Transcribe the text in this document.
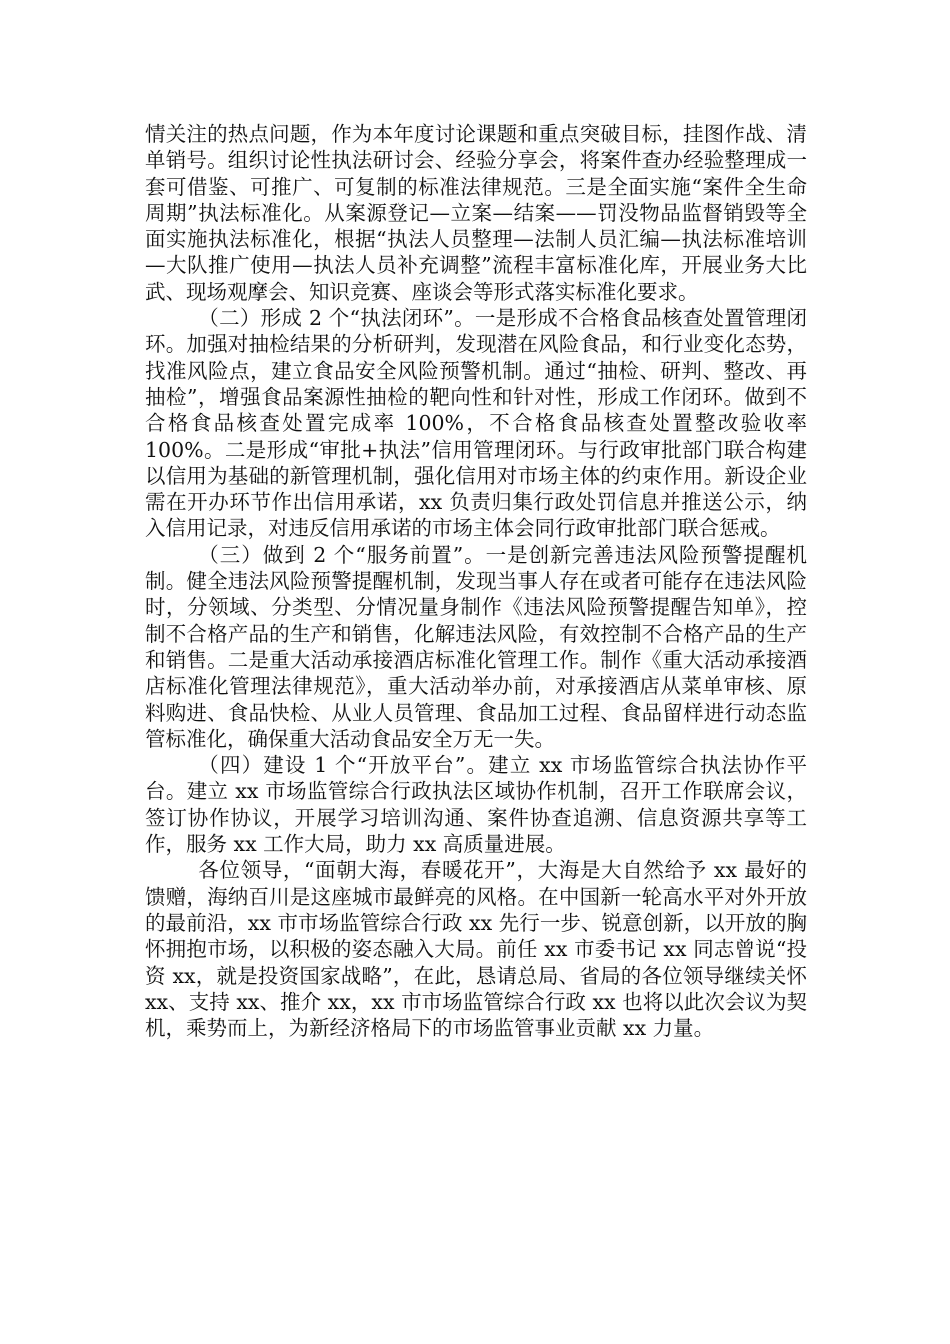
情关注的热点问题，作为本年度讨论课题和重点突破目标，挂图作战、清单销号。组织讨论性执法研讨会、经验分享会，将案件查办经验整理成一套可借鉴、可推广、可复制的标准法律规范。三是全面实施“案件全生命周期”执法标准化。从案源登记—立案—结案——罚没物品监督销毁等全面实施执法标准化，根据“执法人员整理—法制人员汇编—执法标准培训—大队推广使用—执法人员补充调整”流程丰富标准化库，开展业务大比武、现场观摩会、知识竞赛、座谈会等形式落实标准化要求。

（二）形成 2 个“执法闭环”。一是形成不合格食品核查处置管理闭环。加强对抽检结果的分析研判，发现潜在风险食品，和行业变化态势，找准风险点，建立食品安全风险预警机制。通过“抽检、研判、整改、再抽检”，增强食品案源性抽检的靶向性和针对性，形成工作闭环。做到不合格食品核查处置完成率 100%，不合格食品核查处置整改验收率 100%。二是形成“审批+执法”信用管理闭环。与行政审批部门联合构建以信用为基础的新管理机制，强化信用对市场主体的约束作用。新设企业需在开办环节作出信用承诺，xx 负责归集行政处罚信息并推送公示，纳入信用记录，对违反信用承诺的市场主体会同行政审批部门联合惩戒。

（三）做到 2 个“服务前置”。一是创新完善违法风险预警提醒机制。健全违法风险预警提醒机制，发现当事人存在或者可能存在违法风险时，分领域、分类型、分情况量身制作《违法风险预警提醒告知单》，控制不合格产品的生产和销售，化解违法风险，有效控制不合格产品的生产和销售。二是重大活动承接酒店标准化管理工作。制作《重大活动承接酒店标准化管理法律规范》，重大活动举办前，对承接酒店从菜单审核、原料购进、食品快检、从业人员管理、食品加工过程、食品留样进行动态监管标准化，确保重大活动食品安全万无一失。

（四）建设 1 个“开放平台”。建立 xx 市场监管综合执法协作平台。建立 xx 市场监管综合行政执法区域协作机制，召开工作联席会议，签订协作协议，开展学习培训沟通、案件协查追溯、信息资源共享等工作，服务 xx 工作大局，助力 xx 高质量进展。

各位领导，“面朝大海，春暖花开”，大海是大自然给予 xx 最好的馈赠，海纳百川是这座城市最鲜亮的风格。在中国新一轮高水平对外开放的最前沿，xx 市市场监管综合行政 xx 先行一步、锐意创新，以开放的胸怀拥抱市场，以积极的姿态融入大局。前任 xx 市委书记 xx 同志曾说“投资 xx，就是投资国家战略”，在此，恳请总局、省局的各位领导继续关怀 xx、支持 xx、推介 xx，xx 市市场监管综合行政 xx 也将以此次会议为契机，乘势而上，为新经济格局下的市场监管事业贡献 xx 力量。
